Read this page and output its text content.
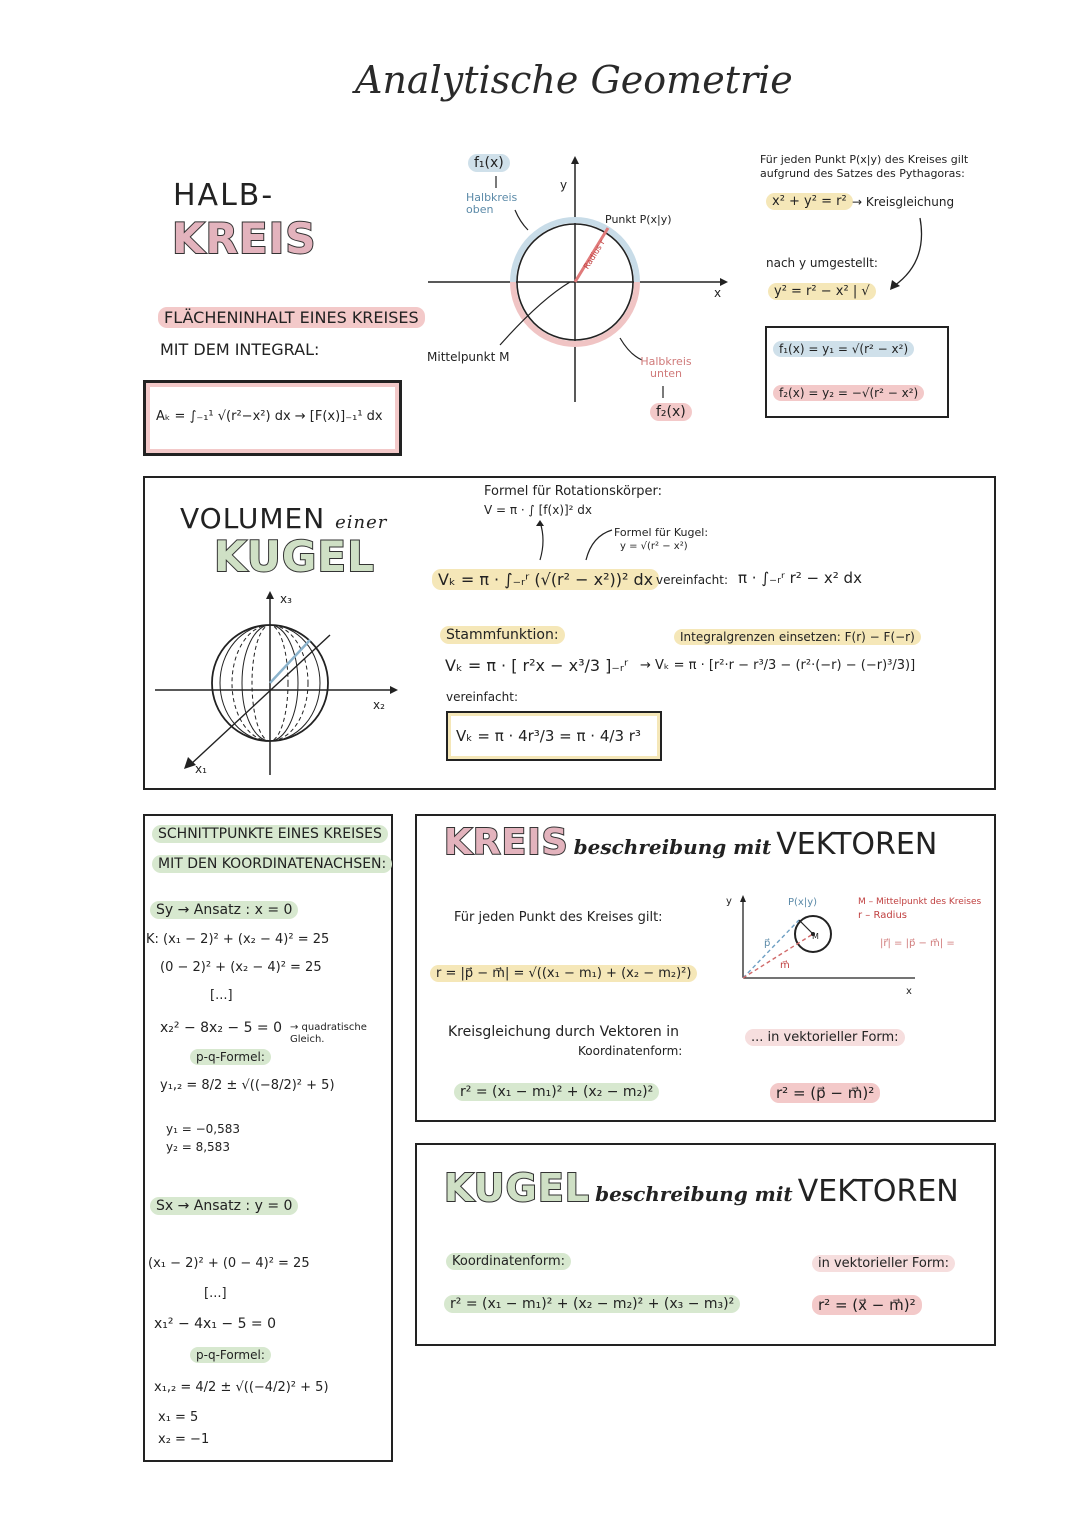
Analytische Geometrie
HALB-
KREIS
FLÄCHENINHALT EINES KREISES
MIT DEM INTEGRAL:
Aₖ = ∫₋₁¹ √(r²−x²) dx → [F(x)]₋₁¹ dx
f₁(x)
Halbkreis oben
y
x
Punkt P(x|y)
Radius r
Mittelpunkt M	Halbkreis unten
f₂(x)
Für jeden Punkt P(x|y) des Kreises gilt
aufgrund des Satzes des Pythagoras:
x² + y² = r² → Kreisgleichung
nach y umgestellt:
y² = r² − x² | √
f₁(x) = y₁ = √(r² − x²)
f₂(x) = y₂ = −√(r² − x²)
VOLUMEN einer
KUGEL
x₃
x₂
x₁
Formel für Rotationskörper:
V = π · ∫ [f(x)]² dx
Formel für Kugel:
y = √(r² − x²)
Vₖ = π · ∫₋ᵣʳ (√(r² − x²))² dx vereinfacht: π · ∫₋ᵣʳ r² − x² dx
Stammfunktion:
Vₖ = π · [ r²x − x³/3 ]₋ᵣʳ
Integralgrenzen einsetzen: F(r) − F(−r)
→ Vₖ = π · [r²·r − r³/3 − (r²·(−r) − (−r)³/3)]
vereinfacht:
Vₖ = π · 4r³/3 = π · 4/3 r³
SCHNITTPUNKTE EINES KREISES
MIT DEN KOORDINATENACHSEN:
Sy → Ansatz : x = 0
K: (x₁ − 2)² + (x₂ − 4)² = 25
(0 − 2)² + (x₂ − 4)² = 25
[...]
x₂² − 8x₂ − 5 = 0 → quadratische Gleich.
p-q-Formel:
y₁,₂ = 8/2 ± √((−8/2)² + 5)
y₁ = −0,583
y₂ = 8,583
Sx → Ansatz : y = 0
(x₁ − 2)² + (0 − 4)² = 25
[...]
x₁² − 4x₁ − 5 = 0
p-q-Formel:
x₁,₂ = 4/2 ± √((−4/2)² + 5)
x₁ = 5
x₂ = −1
KREIS beschreibung mit VEKTOREN
Für jeden Punkt des Kreises gilt:
r = |p⃗ − m⃗| = √((x₁ − m₁) + (x₂ − m₂)²)
P(x|y)
M
y
x
p⃗
m⃗
M – Mittelpunkt des Kreises
r – Radius
|r⃗| = |p⃗ − m⃗| =
Kreisgleichung durch Vektoren in
Koordinatenform:
r² = (x₁ − m₁)² + (x₂ − m₂)²
... in vektorieller Form:
r² = (p⃗ − m⃗)²
KUGEL beschreibung mit VEKTOREN
Koordinatenform:
r² = (x₁ − m₁)² + (x₂ − m₂)² + (x₃ − m₃)²
in vektorieller Form:
r² = (x⃗ − m⃗)²
